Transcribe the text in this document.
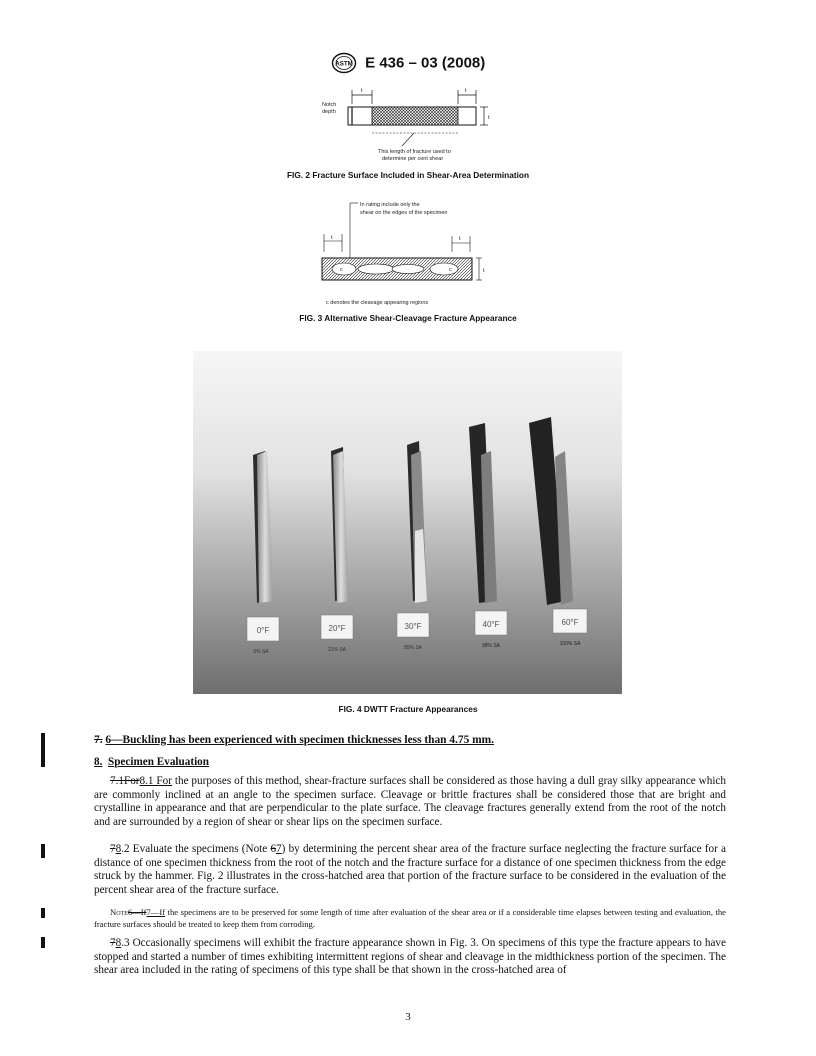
ASTM E 436 – 03 (2008)
Notch
depth
t	t
t
This length of fracture used to
determine per cent shear
FIG. 2 Fracture Surface Included in Shear-Area Determination
In rating include only the
shear on the edges of the specimen
t	t
c	c	t
c denotes the cleavage appearing regions
FIG. 3 Alternative Shear-Cleavage Fracture Appearance
0°F
5% SA
20°F
21% SA
30°F
85% SA
40°F
98% SA
60°F
100% SA
FIG. 4 DWTT Fracture Appearances
7. 6—Buckling has been experienced with specimen thicknesses less than 4.75 mm.
8. Specimen Evaluation
7.1For8.1 For the purposes of this method, shear-fracture surfaces shall be considered as those having a dull gray silky appearance which are commonly inclined at an angle to the specimen surface. Cleavage or brittle fractures shall be considered those that are bright and crystalline in appearance and that are perpendicular to the plate surface. The cleavage fractures generally extend from the root of the notch and are surrounded by a region of shear or shear lips on the specimen surface.
78.2 Evaluate the specimens (Note 67) by determining the percent shear area of the fracture surface neglecting the fracture surface for a distance of one specimen thickness from the root of the notch and the fracture surface for a distance of one specimen thickness from the edge struck by the hammer. Fig. 2 illustrates in the cross-hatched area that portion of the fracture surface to be considered in the evaluation of the percent shear area of the fracture surface.
Note6—If7—If the specimens are to be preserved for some length of time after evaluation of the shear area or if a considerable time elapses between testing and evaluation, the fracture surfaces should be treated to keep them from corroding.
78.3 Occasionally specimens will exhibit the fracture appearance shown in Fig. 3. On specimens of this type the fracture appears to have stopped and started a number of times exhibiting intermittent regions of shear and cleavage in the midthickness portion of the specimen. The shear area included in the rating of specimens of this type shall be that shown in the cross-hatched area of
3
